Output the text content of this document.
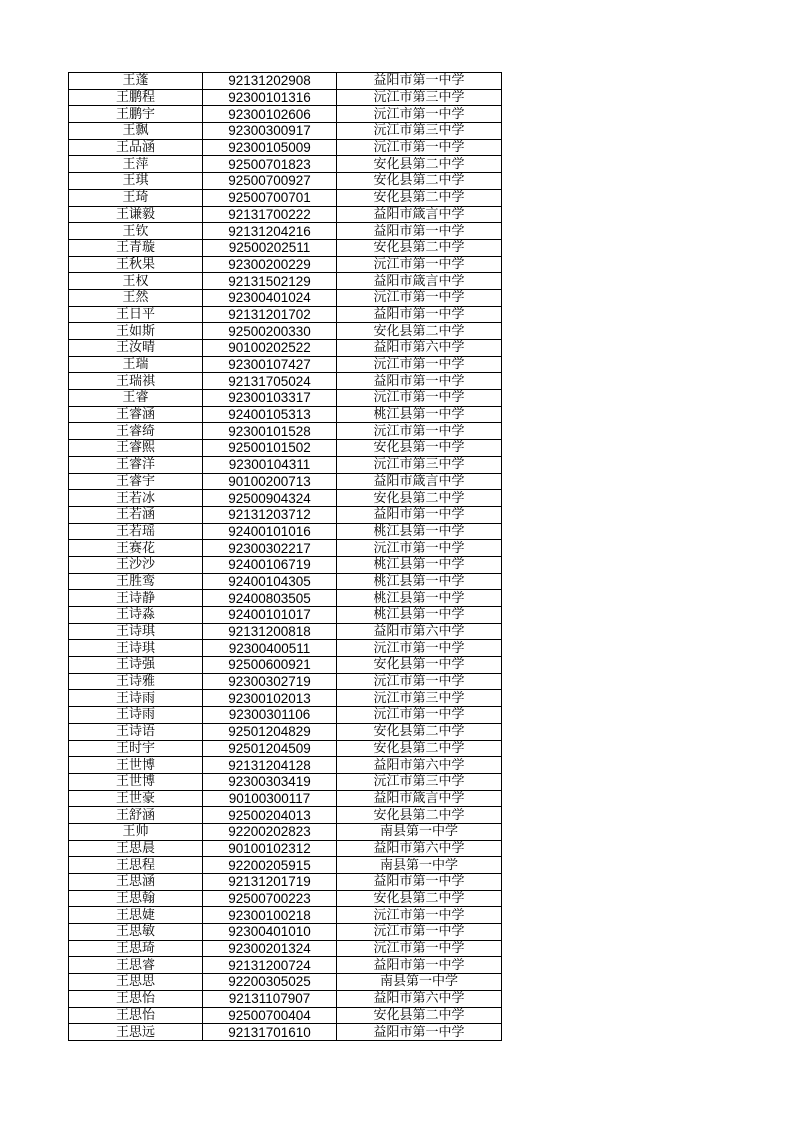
王蓬	92131202908	益阳市第一中学
王鹏程	92300101316	沅江市第三中学
王鹏宇	92300102606	沅江市第一中学
王飘	92300300917	沅江市第三中学
王品涵	92300105009	沅江市第一中学
王萍	92500701823	安化县第二中学
王琪	92500700927	安化县第二中学
王琦	92500700701	安化县第二中学
王谦毅	92131700222	益阳市箴言中学
王钦	92131204216	益阳市第一中学
王青璇	92500202511	安化县第二中学
王秋果	92300200229	沅江市第一中学
王权	92131502129	益阳市箴言中学
王然	92300401024	沅江市第一中学
王日平	92131201702	益阳市第一中学
王如斯	92500200330	安化县第二中学
王汝晴	90100202522	益阳市第六中学
王瑞	92300107427	沅江市第一中学
王瑞祺	92131705024	益阳市第一中学
王睿	92300103317	沅江市第一中学
王睿涵	92400105313	桃江县第一中学
王睿绮	92300101528	沅江市第一中学
王睿熙	92500101502	安化县第一中学
王睿洋	92300104311	沅江市第三中学
王睿宇	90100200713	益阳市箴言中学
王若冰	92500904324	安化县第二中学
王若涵	92131203712	益阳市第一中学
王若瑶	92400101016	桃江县第一中学
王赛花	92300302217	沅江市第一中学
王沙沙	92400106719	桃江县第一中学
王胜鸾	92400104305	桃江县第一中学
王诗静	92400803505	桃江县第一中学
王诗淼	92400101017	桃江县第一中学
王诗琪	92131200818	益阳市第六中学
王诗琪	92300400511	沅江市第一中学
王诗强	92500600921	安化县第一中学
王诗雅	92300302719	沅江市第一中学
王诗雨	92300102013	沅江市第三中学
王诗雨	92300301106	沅江市第一中学
王诗语	92501204829	安化县第二中学
王时宇	92501204509	安化县第二中学
王世博	92131204128	益阳市第六中学
王世博	92300303419	沅江市第三中学
王世豪	90100300117	益阳市箴言中学
王舒涵	92500204013	安化县第二中学
王帅	92200202823	南县第一中学
王思晨	90100102312	益阳市第六中学
王思程	92200205915	南县第一中学
王思涵	92131201719	益阳市第一中学
王思翰	92500700223	安化县第二中学
王思婕	92300100218	沅江市第一中学
王思敏	92300401010	沅江市第一中学
王思琦	92300201324	沅江市第一中学
王思睿	92131200724	益阳市第一中学
王思思	92200305025	南县第一中学
王思怡	92131107907	益阳市第六中学
王思怡	92500700404	安化县第二中学
王思远	92131701610	益阳市第一中学
